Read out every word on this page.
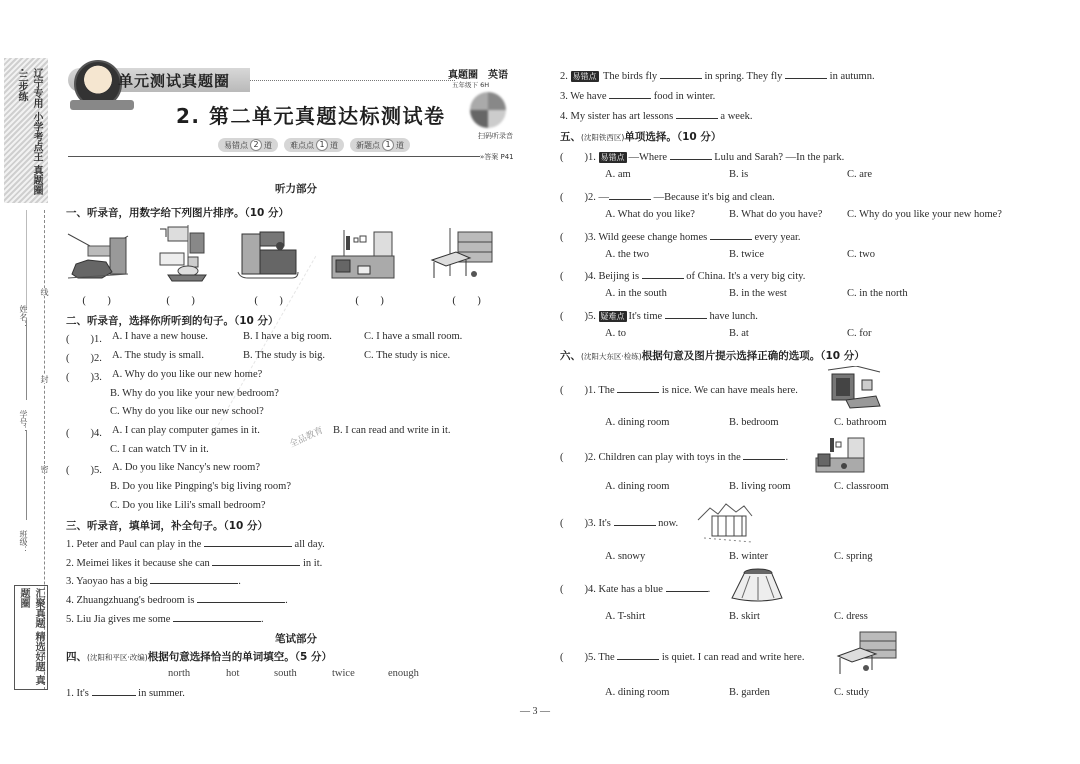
辽宁专用 小学考点王 真题圈·三步练
姓名：
学号：
班级：
线
封
密
汇聚真题 精选好题 真题圈
单元测试真题圈	真题圈　英语
五年级下 6H
扫码听录音
2. 第二单元真题达标测试卷
易错点 2 道 难点点 1 道 新题点 1 道
»答案 P41
听力部分
一、听录音，用数字给下列图片排序。（10 分）
(　　)	(　　)	(　　)	(　　)	(　　)
二、听录音，选择你所听到的句子。（10 分）
(　　)1. A. I have a new house.	B. I have a big room.	C. I have a small room.
(　　)2. A. The study is small.	B. The study is big.	C. The study is nice.
(　　)3. A. Why do you like our new home?
B. Why do you like your new bedroom?
C. Why do you like our new school?
(　　)4. A. I can play computer games in it.	B. I can read and write in it.
C. I can watch TV in it.
(　　)5. A. Do you like Nancy's new room?
B. Do you like Pingping's big living room?
C. Do you like Lili's small bedroom?
三、听录音，填单词，补全句子。（10 分）
1. Peter and Paul can play in the	all day.
2. Meimei likes it because she can	in it.
3. Yaoyao has a big	.
4. Zhuangzhuang's bedroom is	.
5. Liu Jia gives me some	.
笔试部分
四、(沈阳和平区·改编)根据句意选择恰当的单词填空。（5 分）
north	hot	south	twice	enough
1. It's	in summer.
全品教育
2. 易错点 The birds fly	in spring. They fly	in autumn.
3. We have	food in winter.
4. My sister has art lessons	a week.
五、(沈阳铁西区)单项选择。（10 分）
(　　)1. 易错点 —Where	Lulu and Sarah? —In the park.
A. am	B. is	C. are
(　　)2. —	—Because it's big and clean.
A. What do you like?	B. What do you have? C. Why do you like your new home?
(　　)3. Wild geese change homes	every year.
A. the two	B. twice	C. two
(　　)4. Beijing is	of China. It's a very big city.
A. in the south	B. in the west	C. in the north
(　　)5. 疑难点 It's time	have lunch.
A. to	B. at	C. for
六、(沈阳大东区·检练)根据句意及图片提示选择正确的选项。（10 分）
(　　)1. The	is nice. We can have meals here.
A. dining room	B. bedroom	C. bathroom
(　　)2. Children can play with toys in the	.
A. dining room	B. living room	C. classroom
(　　)3. It's	now.
A. snowy	B. winter	C. spring
(　　)4. Kate has a blue	.
A. T-shirt	B. skirt	C. dress
(　　)5. The	is quiet. I can read and write here.
A. dining room	B. garden	C. study
— 3 —
